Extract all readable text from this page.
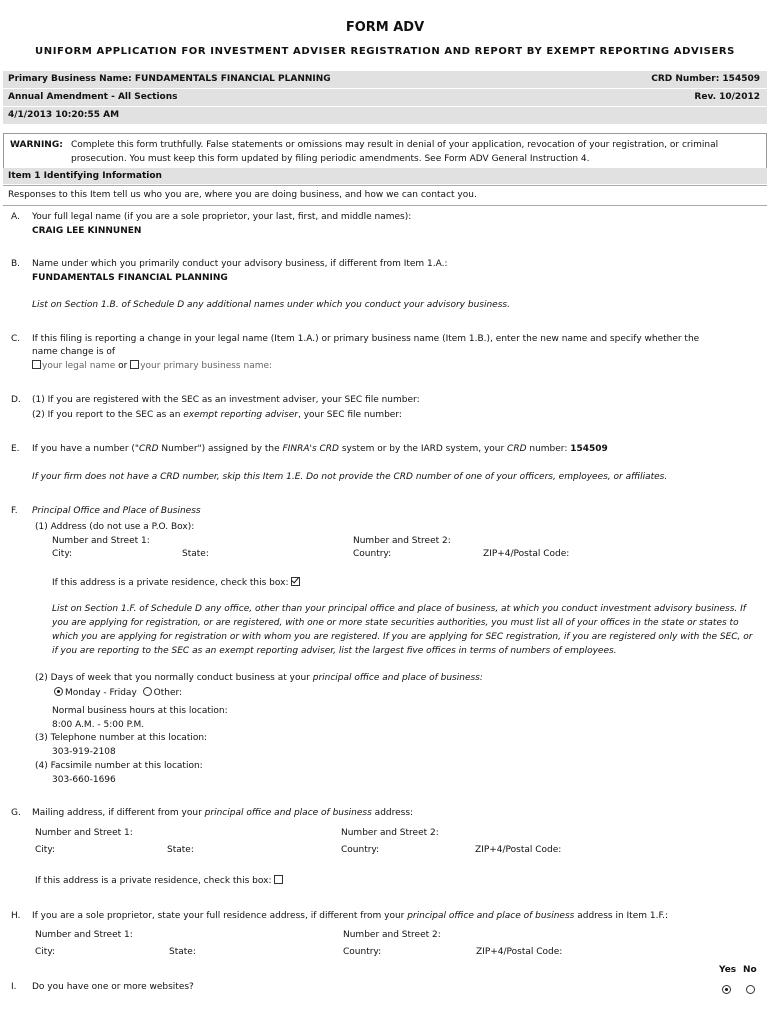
FORM ADV
UNIFORM APPLICATION FOR INVESTMENT ADVISER REGISTRATION AND REPORT BY EXEMPT REPORTING ADVISERS
Primary Business Name: FUNDAMENTALS FINANCIAL PLANNING	CRD Number: 154509
Annual Amendment - All Sections	Rev. 10/2012
4/1/2013 10:20:55 AM
WARNING: Complete this form truthfully. False statements or omissions may result in denial of your application, revocation of your registration, or criminal
prosecution. You must keep this form updated by filing periodic amendments. See Form ADV General Instruction 4.
Item 1 Identifying Information
Responses to this Item tell us who you are, where you are doing business, and how we can contact you.
A. Your full legal name (if you are a sole proprietor, your last, first, and middle names):
CRAIG LEE KINNUNEN
B. Name under which you primarily conduct your advisory business, if different from Item 1.A.:
FUNDAMENTALS FINANCIAL PLANNING
List on Section 1.B. of Schedule D any additional names under which you conduct your advisory business.
C. If this filing is reporting a change in your legal name (Item 1.A.) or primary business name (Item 1.B.), enter the new name and specify whether the
name change is of
your legal name or your primary business name:
D. (1) If you are registered with the SEC as an investment adviser, your SEC file number:
(2) If you report to the SEC as an exempt reporting adviser, your SEC file number:
E. If you have a number ("CRD Number") assigned by the FINRA's CRD system or by the IARD system, your CRD number: 154509
If your firm does not have a CRD number, skip this Item 1.E. Do not provide the CRD number of one of your officers, employees, or affiliates.
F. Principal Office and Place of Business
(1) Address (do not use a P.O. Box):
Number and Street 1:	Number and Street 2:
City:	State:	Country:	ZIP+4/Postal Code:
If this address is a private residence, check this box:
List on Section 1.F. of Schedule D any office, other than your principal office and place of business, at which you conduct investment advisory business. If
you are applying for registration, or are registered, with one or more state securities authorities, you must list all of your offices in the state or states to
which you are applying for registration or with whom you are registered. If you are applying for SEC registration, if you are registered only with the SEC, or
if you are reporting to the SEC as an exempt reporting adviser, list the largest five offices in terms of numbers of employees.
(2) Days of week that you normally conduct business at your principal office and place of business:
Monday - Friday Other:
Normal business hours at this location:
8:00 A.M. - 5:00 P.M.
(3) Telephone number at this location:
303-919-2108
(4) Facsimile number at this location:
303-660-1696
G. Mailing address, if different from your principal office and place of business address:
Number and Street 1:	Number and Street 2:
City:	State:	Country:	ZIP+4/Postal Code:
If this address is a private residence, check this box:
H. If you are a sole proprietor, state your full residence address, if different from your principal office and place of business address in Item 1.F.:
Number and Street 1:	Number and Street 2:
City:	State:	Country:	ZIP+4/Postal Code:
Yes No
I. Do you have one or more websites?
